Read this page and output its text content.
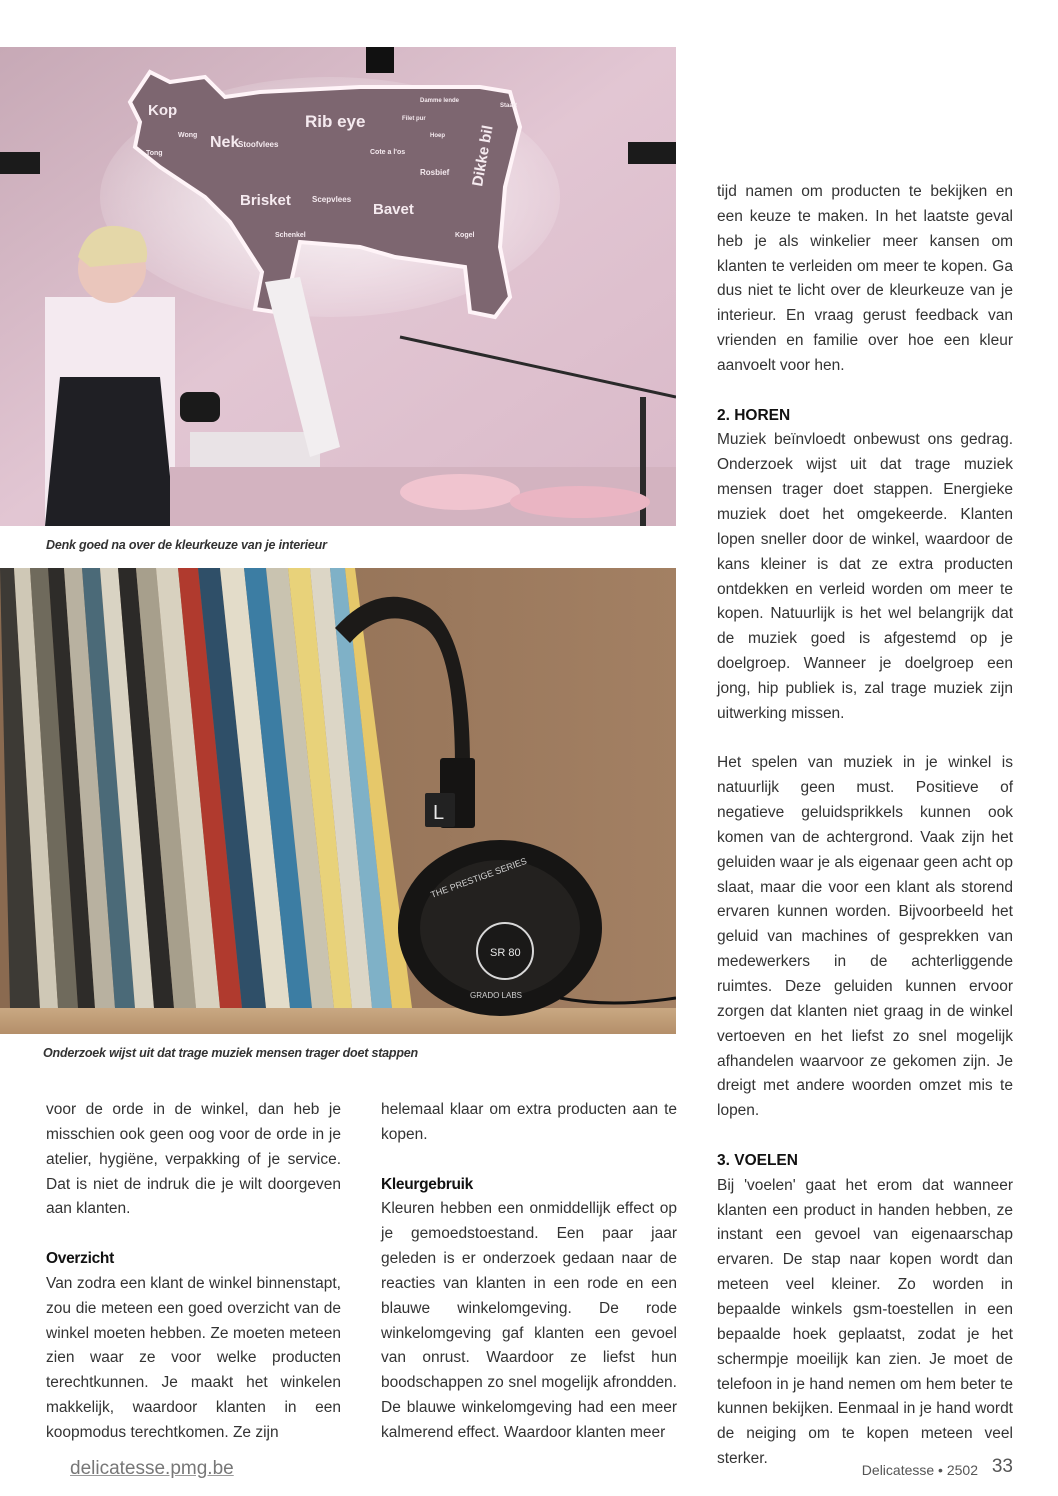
Kop
Nek
Wong
Tong
Stoofvlees
Rib eye
Brisket	Scepvlees
Bavet
Schenkel
Cote a l'os
Rosbief Dikke bil
Kogel
Filet pur
Hoep
Damme lende
Staart
Denk goed na over de kleurkeuze van je interieur
L
SR 80
THE PRESTIGE SERIES
GRADO LABS
Onderzoek wijst uit dat trage muziek mensen trager doet stappen

voor de orde in de winkel, dan heb je misschien ook geen oog voor de orde in je atelier, hygiëne, verpakking of je service. Dat is niet de indruk die je wilt doorgeven aan klanten.

Overzicht

Van zodra een klant de winkel binnenstapt, zou die meteen een goed overzicht van de winkel moeten hebben. Ze moeten meteen zien waar ze voor welke producten terechtkunnen. Je maakt het winkelen makkelijk, waardoor klanten in een koopmodus terechtkomen. Ze zijn

helemaal klaar om extra producten aan te kopen.

Kleurgebruik

Kleuren hebben een onmiddellijk effect op je gemoedstoestand. Een paar jaar geleden is er onderzoek gedaan naar de reacties van klanten in een rode en een blauwe winkelomgeving. De rode winkelomgeving gaf klanten een gevoel van onrust. Waardoor ze liefst hun boodschappen zo snel mogelijk afrondden. De blauwe winkelomgeving had een meer kalmerend effect. Waardoor klanten meer

tijd namen om producten te bekijken en een keuze te maken. In het laatste geval heb je als winkelier meer kansen om klanten te verleiden om meer te kopen. Ga dus niet te licht over de kleurkeuze van je interieur. En vraag gerust feedback van vrienden en familie over hoe een kleur aanvoelt voor hen.

2. HOREN

Muziek beïnvloedt onbewust ons gedrag. Onderzoek wijst uit dat trage muziek mensen trager doet stappen. Energieke muziek doet het omgekeerde. Klanten lopen sneller door de winkel, waardoor de kans kleiner is dat ze extra producten ontdekken en verleid worden om meer te kopen. Natuurlijk is het wel belangrijk dat de muziek goed is afgestemd op je doelgroep. Wanneer je doelgroep een jong, hip publiek is, zal trage muziek zijn uitwerking missen.

Het spelen van muziek in je winkel is natuurlijk geen must. Positieve of negatieve geluidsprikkels kunnen ook komen van de achtergrond. Vaak zijn het geluiden waar je als eigenaar geen acht op slaat, maar die voor een klant als storend ervaren kunnen worden. Bijvoorbeeld het geluid van machines of gesprekken van medewerkers in de achterliggende ruimtes. Deze geluiden kunnen ervoor zorgen dat klanten niet graag in de winkel vertoeven en het liefst zo snel mogelijk afhandelen waarvoor ze gekomen zijn. Je dreigt met andere woorden omzet mis te lopen.

3. VOELEN

Bij 'voelen' gaat het erom dat wanneer klanten een product in handen hebben, ze instant een gevoel van eigenaarschap ervaren. De stap naar kopen wordt dan meteen veel kleiner. Zo worden in bepaalde winkels gsm-toestellen in een bepaalde hoek geplaatst, zodat je het schermpje moeilijk kan zien. Je moet de telefoon in je hand nemen om hem beter te kunnen bekijken. Eenmaal in je hand wordt de neiging om te kopen meteen veel sterker.

delicatesse.pmg.be	Delicatesse • 2502 33
